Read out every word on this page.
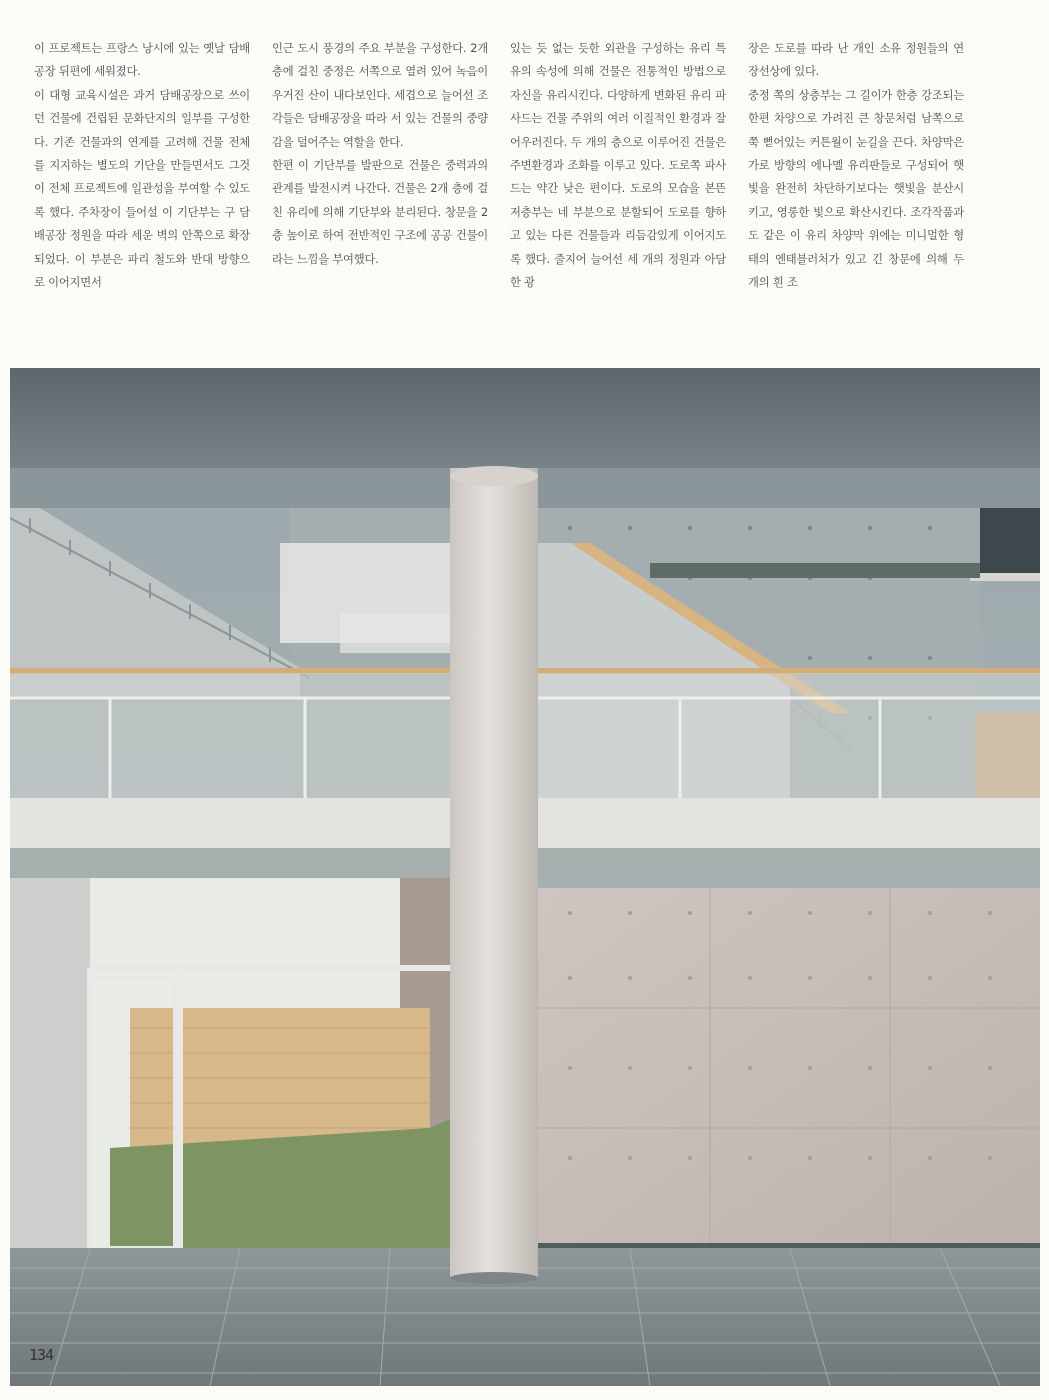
이 프로젝트는 프랑스 낭시에 있는 옛날 담배 공장 뒤편에 세워졌다.

이 대형 교육시설은 과거 담배공장으로 쓰이던 건물에 건립된 문화단지의 일부를 구성한다. 기존 건물과의 연계를 고려해 건물 전체를 지지하는 별도의 기단을 만들면서도 그것이 전체 프로젝트에 일관성을 부여할 수 있도록 했다. 주차장이 들어설 이 기단부는 구 담배공장 정원을 따라 세운 벽의 안쪽으로 확장되었다. 이 부분은 파리 철도와 반대 방향으로 이어지면서

인근 도시 풍경의 주요 부분을 구성한다. 2개 층에 걸친 중정은 서쪽으로 열려 있어 녹음이 우거진 산이 내다보인다. 세겹으로 늘어선 조각들은 담배공장을 따라 서 있는 건물의 중량감을 덜어주는 역할을 한다.

한편 이 기단부를 발판으로 건물은 중력과의 관계를 발전시켜 나간다. 건물은 2개 층에 걸친 유리에 의해 기단부와 분리된다. 창문을 2층 높이로 하여 전반적인 구조에 공공 건물이라는 느낌을 부여했다.

있는 듯 없는 듯한 외관을 구성하는 유리 특유의 속성에 의해 건물은 전통적인 방법으로 자신을 유리시킨다. 다양하게 변화된 유리 파사드는 건물 주위의 여러 이질적인 환경과 잘 어우러진다. 두 개의 층으로 이루어진 건물은 주변환경과 조화를 이루고 있다. 도로쪽 파사드는 약간 낮은 편이다. 도로의 모습을 본뜬 저층부는 네 부분으로 분할되어 도로를 향하고 있는 다른 건물들과 리듬감있게 이어지도록 했다. 줄지어 늘어선 세 개의 정원과 아담한 광

장은 도로를 따라 난 개인 소유 정원들의 연장선상에 있다.

중정 쪽의 상층부는 그 길이가 한층 강조되는 한편 차양으로 가려진 큰 창문처럼 남쪽으로 쭉 뻗어있는 커튼월이 눈길을 끈다. 차양막은 가로 방향의 에나멜 유리판들로 구성되어 햇빛을 완전히 차단하기보다는 햇빛을 분산시키고, 영롱한 빛으로 확산시킨다. 조각작품과도 같은 이 유리 차양막 위에는 미니멀한 형태의 엔태블러처가 있고 긴 창문에 의해 두 개의 흰 조

134
